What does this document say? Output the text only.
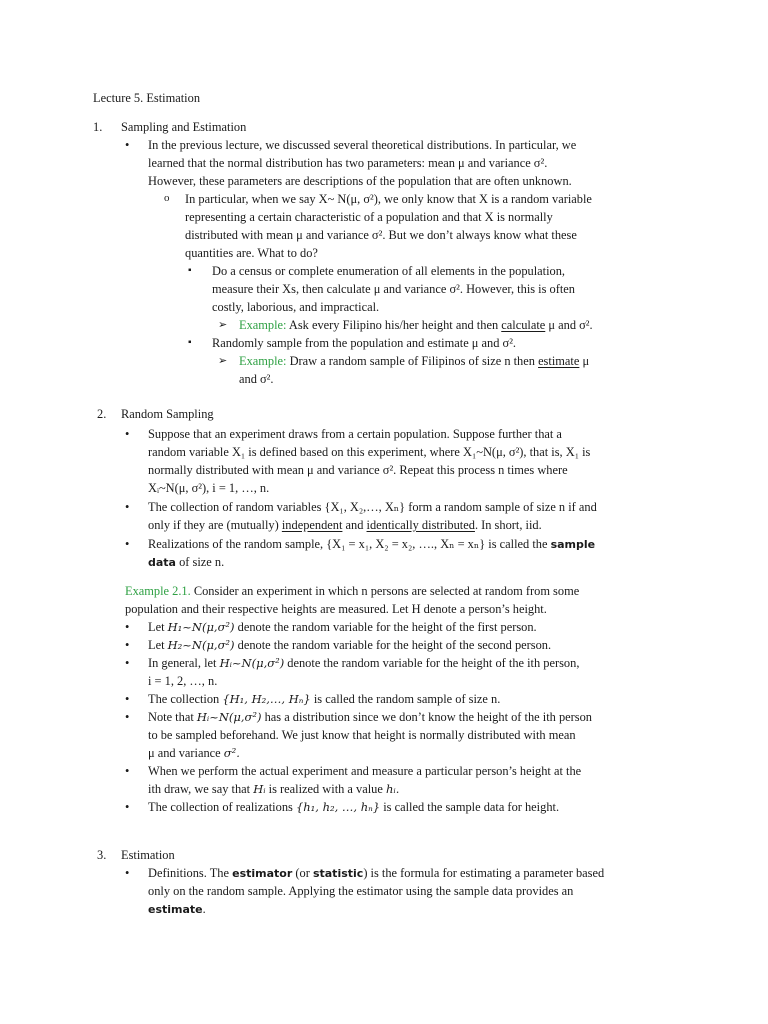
Lecture 5. Estimation
1. Sampling and Estimation
• In the previous lecture, we discussed several theoretical distributions. In particular, we
learned that the normal distribution has two parameters: mean μ and variance σ².
However, these parameters are descriptions of the population that are often unknown.
o In particular, when we say X~ N(μ, σ²), we only know that X is a random variable
representing a certain characteristic of a population and that X is normally
distributed with mean μ and variance σ². But we don’t always know what these
quantities are. What to do?
▪ Do a census or complete enumeration of all elements in the population,
measure their Xs, then calculate μ and variance σ². However, this is often
costly, laborious, and impractical.
➢ Example: Ask every Filipino his/her height and then calculate μ and σ².
▪ Randomly sample from the population and estimate μ and σ².
➢ Example: Draw a random sample of Filipinos of size n then estimate μ
and σ².
2. Random Sampling
• Suppose that an experiment draws from a certain population. Suppose further that a
random variable X₁ is defined based on this experiment, where X₁~N(μ, σ²), that is, X₁ is
normally distributed with mean μ and variance σ². Repeat this process n times where
Xᵢ~N(μ, σ²), i = 1, …, n.
• The collection of random variables {X₁, X₂,…, Xₙ} form a random sample of size n if and
only if they are (mutually) independent and identically distributed. In short, iid.
• Realizations of the random sample, {X₁ = x₁, X₂ = x₂, …., Xₙ = xₙ} is called the sample
data of size n.
Example 2.1. Consider an experiment in which n persons are selected at random from some
population and their respective heights are measured. Let H denote a person’s height.
• Let H₁~N(μ,σ²) denote the random variable for the height of the first person.
• Let H₂~N(μ,σ²) denote the random variable for the height of the second person.
• In general, let Hᵢ~N(μ,σ²) denote the random variable for the height of the ith person,
i = 1, 2, …, n.
• The collection {H₁, H₂,…, Hₙ} is called the random sample of size n.
• Note that Hᵢ~N(μ,σ²) has a distribution since we don’t know the height of the ith person
to be sampled beforehand. We just know that height is normally distributed with mean
μ and variance σ².
• When we perform the actual experiment and measure a particular person’s height at the
ith draw, we say that Hᵢ is realized with a value hᵢ.
• The collection of realizations {h₁, h₂, …, hₙ} is called the sample data for height.
3. Estimation
• Definitions. The estimator (or statistic) is the formula for estimating a parameter based
only on the random sample. Applying the estimator using the sample data provides an
estimate.
